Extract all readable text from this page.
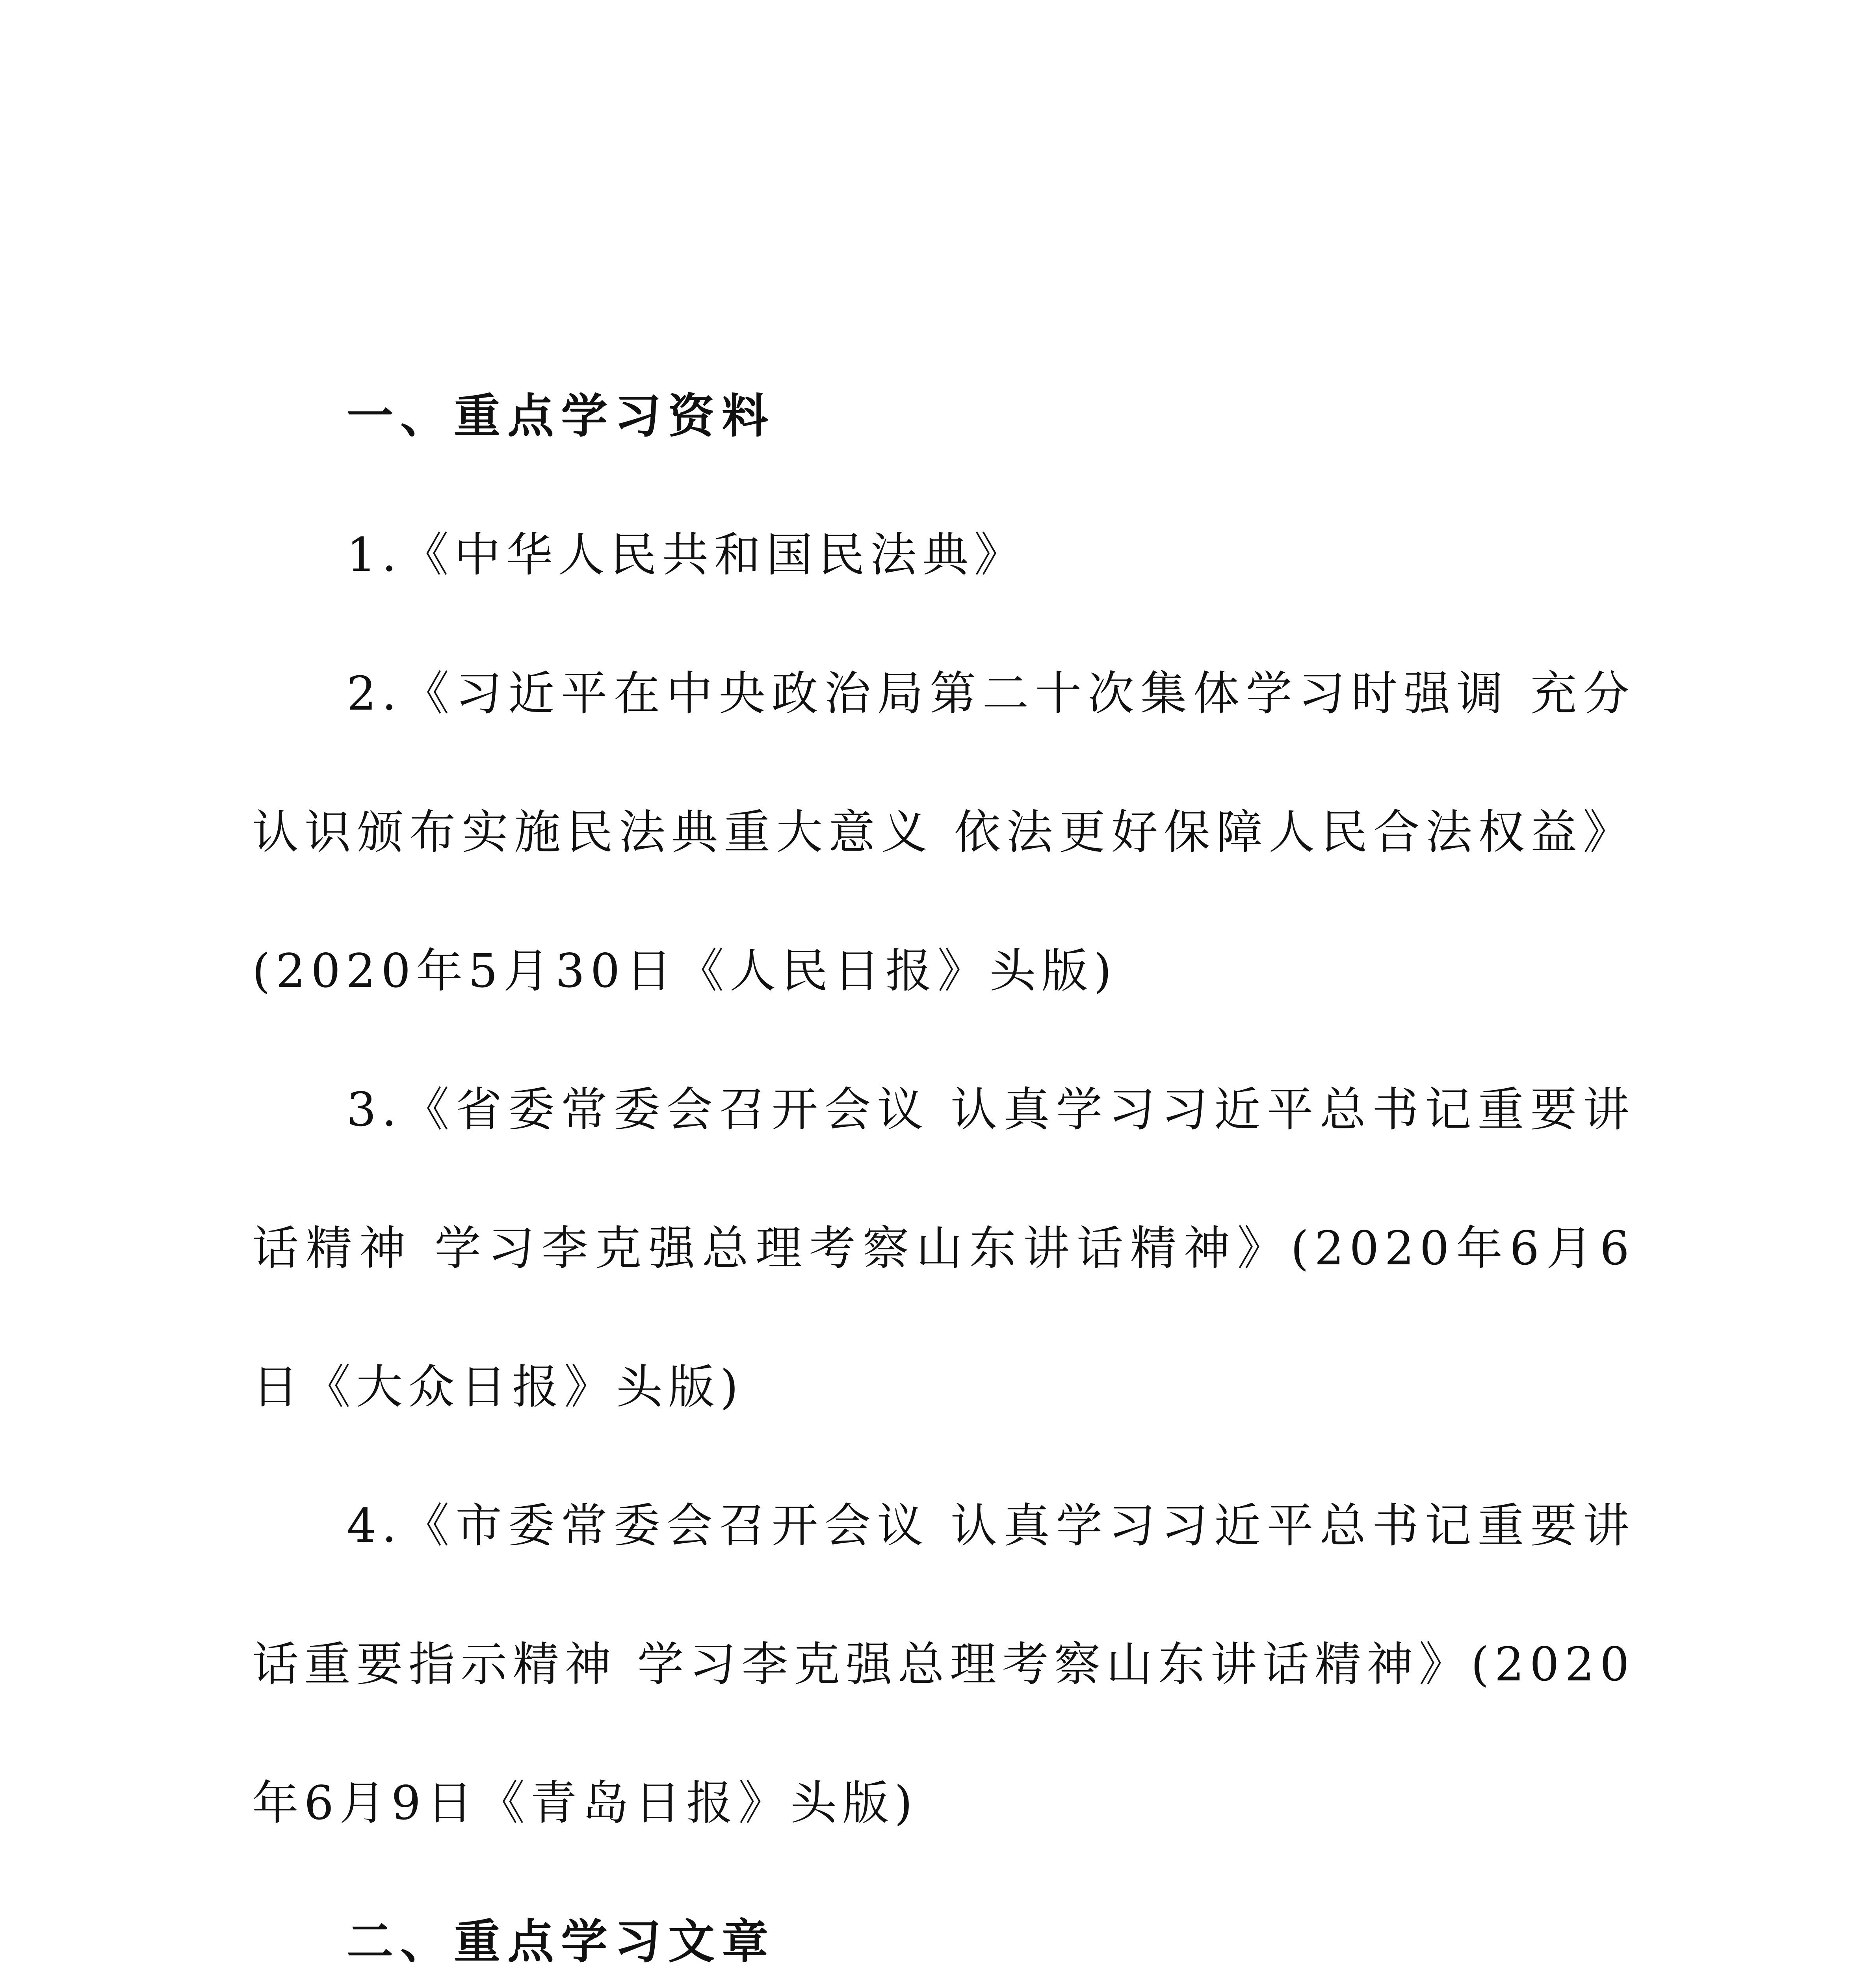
一、重点学习资料

1.《中华人民共和国民法典》

2.《习近平在中央政治局第二十次集体学习时强调 充分认识颁布实施民法典重大意义 依法更好保障人民合法权益》(2020年5月30日《人民日报》头版)

3.《省委常委会召开会议 认真学习习近平总书记重要讲话精神 学习李克强总理考察山东讲话精神》(2020年6月6日《大众日报》头版)

4.《市委常委会召开会议 认真学习习近平总书记重要讲话重要指示精神 学习李克强总理考察山东讲话精神》(2020年6月9日《青岛日报》头版)

二、重点学习文章
